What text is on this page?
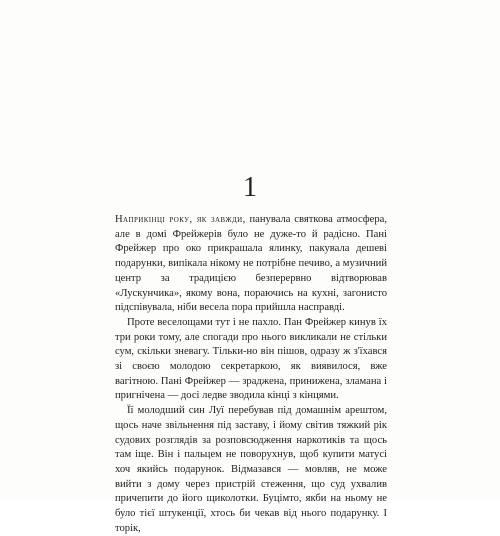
1

Наприкінці року, як завжди, панувала святкова атмосфера, але в домі Фрейжерів було не дуже-то й радісно. Пані Фрейжер про око прикрашала ялинку, пакувала дешеві подарунки, випікала нікому не потрібне печиво, а музичний центр за традицією безперервно відтворював «Лускунчика», якому вона, пораючись на кухні, загонисто підспівувала, ніби весела пора прийшла насправді.

Проте веселощами тут і не пахло. Пан Фрейжер кинув їх три роки тому, але спогади про нього викликали не стільки сум, скільки зневагу. Тільки-но він пішов, одразу ж з'їхався зі своєю молодою секретаркою, як виявилося, вже вагітною. Пані Фрейжер — зраджена, принижена, зламана і пригнічена — досі ледве зводила кінці з кінцями.

Її молодший син Луї перебував під домашнім арештом, щось наче звільнення під заставу, і йому світив тяжкий рік судових розглядів за розповсюдження наркотиків та щось там іще. Він і пальцем не поворухнув, щоб купити матусі хоч якийсь подарунок. Відмазався — мовляв, не може вийти з дому через пристрій стеження, що суд ухвалив причепити до його щиколотки. Буцімто, якби на ньому не було тієї штукенції, хтось би чекав від нього подарунку. І торік,
